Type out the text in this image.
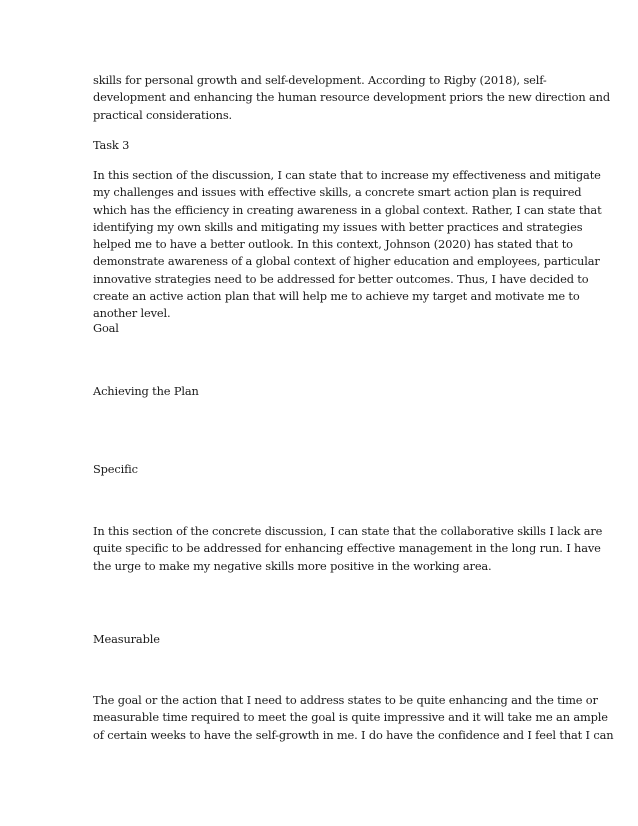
skills for personal growth and self-development. According to Rigby (2018), self-
development and enhancing the human resource development priors the new direction and
practical considerations.

Task 3

In this section of the discussion, I can state that to increase my effectiveness and mitigate
my challenges and issues with effective skills, a concrete smart action plan is required
which has the efficiency in creating awareness in a global context. Rather, I can state that
identifying my own skills and mitigating my issues with better practices and strategies
helped me to have a better outlook. In this context, Johnson (2020) has stated that to
demonstrate awareness of a global context of higher education and employees, particular
innovative strategies need to be addressed for better outcomes. Thus, I have decided to
create an active action plan that will help me to achieve my target and motivate me to
another level.

Goal

Achieving the Plan

Specific

In this section of the concrete discussion, I can state that the collaborative skills I lack are
quite specific to be addressed for enhancing effective management in the long run. I have
the urge to make my negative skills more positive in the working area.

Measurable

The goal or the action that I need to address states to be quite enhancing and the time or
measurable time required to meet the goal is quite impressive and it will take me an ample
of certain weeks to have the self-growth in me. I do have the confidence and I feel that I can
